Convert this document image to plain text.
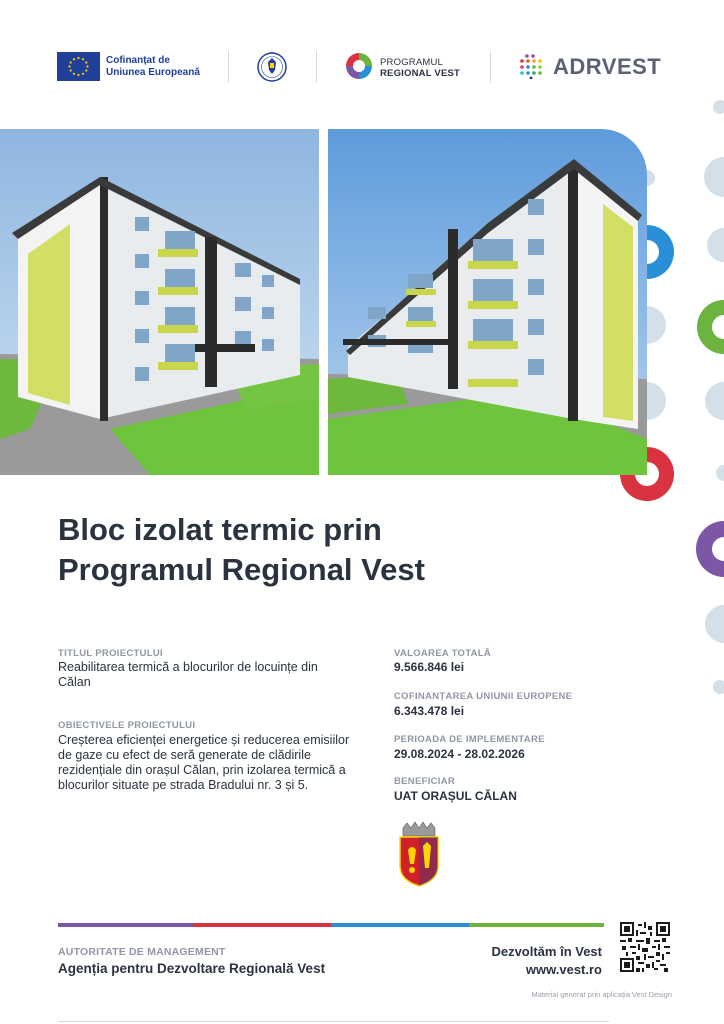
Cofinanțat de
Uniunea Europeană
PROGRAMUL
REGIONAL VEST	ADRVEST
Bloc izolat termic prin
Programul Regional Vest
TITLUL PROIECTULUI
Reabilitarea termică a blocurilor de locuințe din Călan
OBIECTIVELE PROIECTULUI
Creșterea eficienței energetice și reducerea emisiilor de gaze cu efect de seră generate de clădirile rezidențiale din orașul Călan, prin izolarea termică a blocurilor situate pe strada Bradului nr. 3 și 5.
VALOAREA TOTALĂ
9.566.846 lei
COFINANȚAREA UNIUNII EUROPENE
6.343.478 lei
PERIOADA DE IMPLEMENTARE
29.08.2024 - 28.02.2026
BENEFICIAR
UAT ORAȘUL CĂLAN
AUTORITATE DE MANAGEMENT
Agenția pentru Dezvoltare Regională Vest
Dezvoltăm în Vest
www.vest.ro
Material generat prin aplicația Vest Design
